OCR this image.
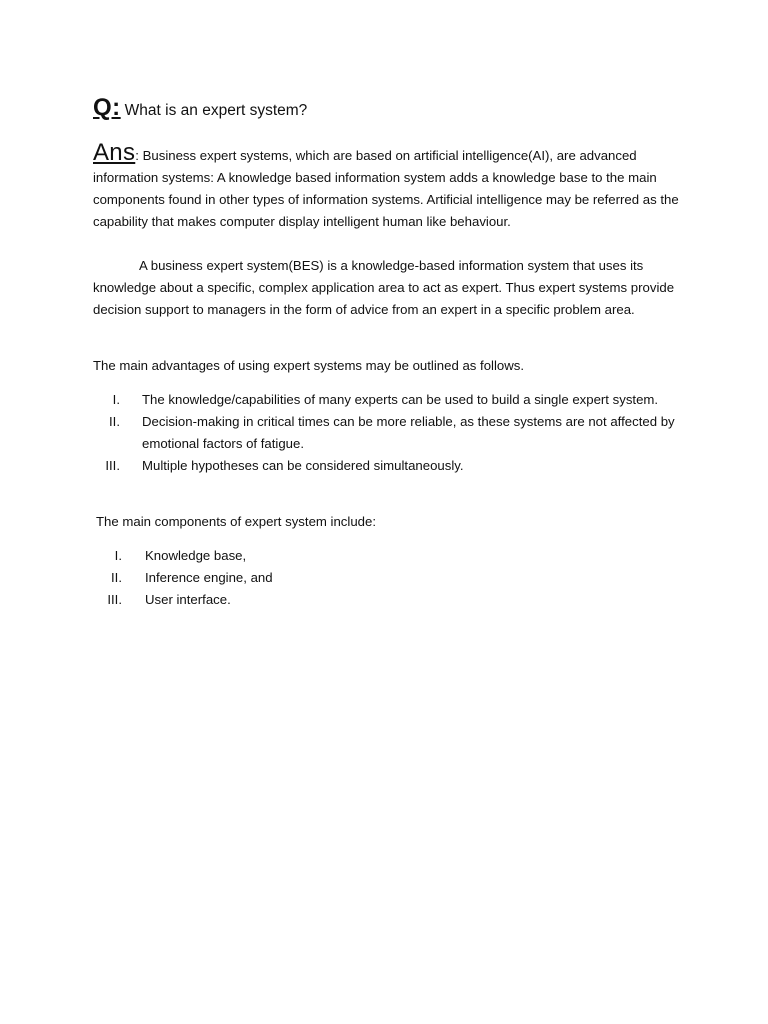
Q: What is an expert system?
Ans: Business expert systems, which are based on artificial intelligence(AI), are advanced information systems: A knowledge based information system adds a knowledge base to the main components found in other types of information systems. Artificial intelligence may be referred as the capability that makes computer display intelligent human like behaviour.

A business expert system(BES) is a knowledge-based information system that uses its knowledge about a specific, complex application area to act as expert. Thus expert systems provide decision support to managers in the form of advice from an expert in a specific problem area.

The main advantages of using expert systems may be outlined as follows.

I. The knowledge/capabilities of many experts can be used to build a single expert system.
II. Decision-making in critical times can be more reliable, as these systems are not affected by emotional factors of fatigue.
III. Multiple hypotheses can be considered simultaneously.
The main components of expert system include:
I. Knowledge base,
II. Inference engine, and
III. User interface.
